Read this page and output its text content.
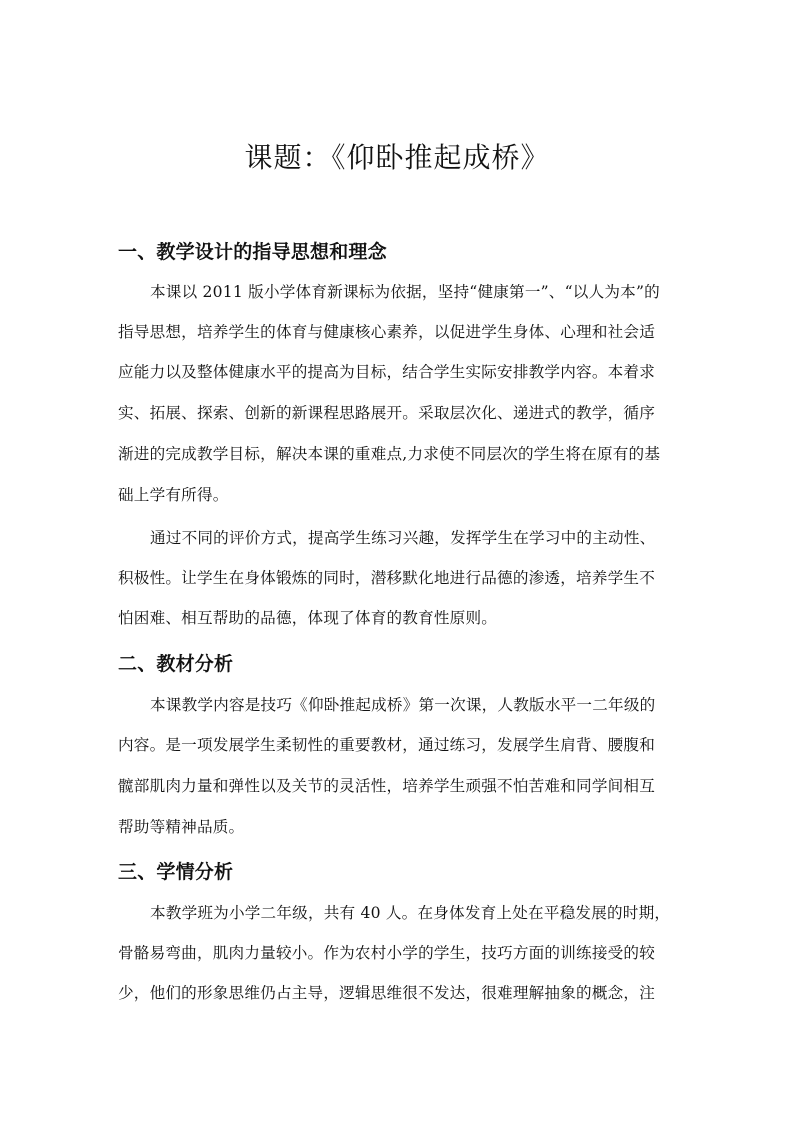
课题：《仰卧推起成桥》
一、教学设计的指导思想和理念
本课以 2011 版小学体育新课标为依据，坚持“健康第一”、“以人为本”的
指导思想，培养学生的体育与健康核心素养，以促进学生身体、心理和社会适
应能力以及整体健康水平的提高为目标，结合学生实际安排教学内容。本着求
实、拓展、探索、创新的新课程思路展开。采取层次化、递进式的教学，循序
渐进的完成教学目标，解决本课的重难点,力求使不同层次的学生将在原有的基
础上学有所得。
通过不同的评价方式，提高学生练习兴趣，发挥学生在学习中的主动性、
积极性。让学生在身体锻炼的同时，潜移默化地进行品德的渗透，培养学生不
怕困难、相互帮助的品德，体现了体育的教育性原则。
二、教材分析
本课教学内容是技巧《仰卧推起成桥》第一次课，人教版水平一二年级的
内容。是一项发展学生柔韧性的重要教材，通过练习，发展学生肩背、腰腹和
髋部肌肉力量和弹性以及关节的灵活性，培养学生顽强不怕苦难和同学间相互
帮助等精神品质。
三、学情分析
本教学班为小学二年级，共有 40 人。在身体发育上处在平稳发展的时期，
骨骼易弯曲，肌肉力量较小。作为农村小学的学生，技巧方面的训练接受的较
少，他们的形象思维仍占主导，逻辑思维很不发达，很难理解抽象的概念，注
